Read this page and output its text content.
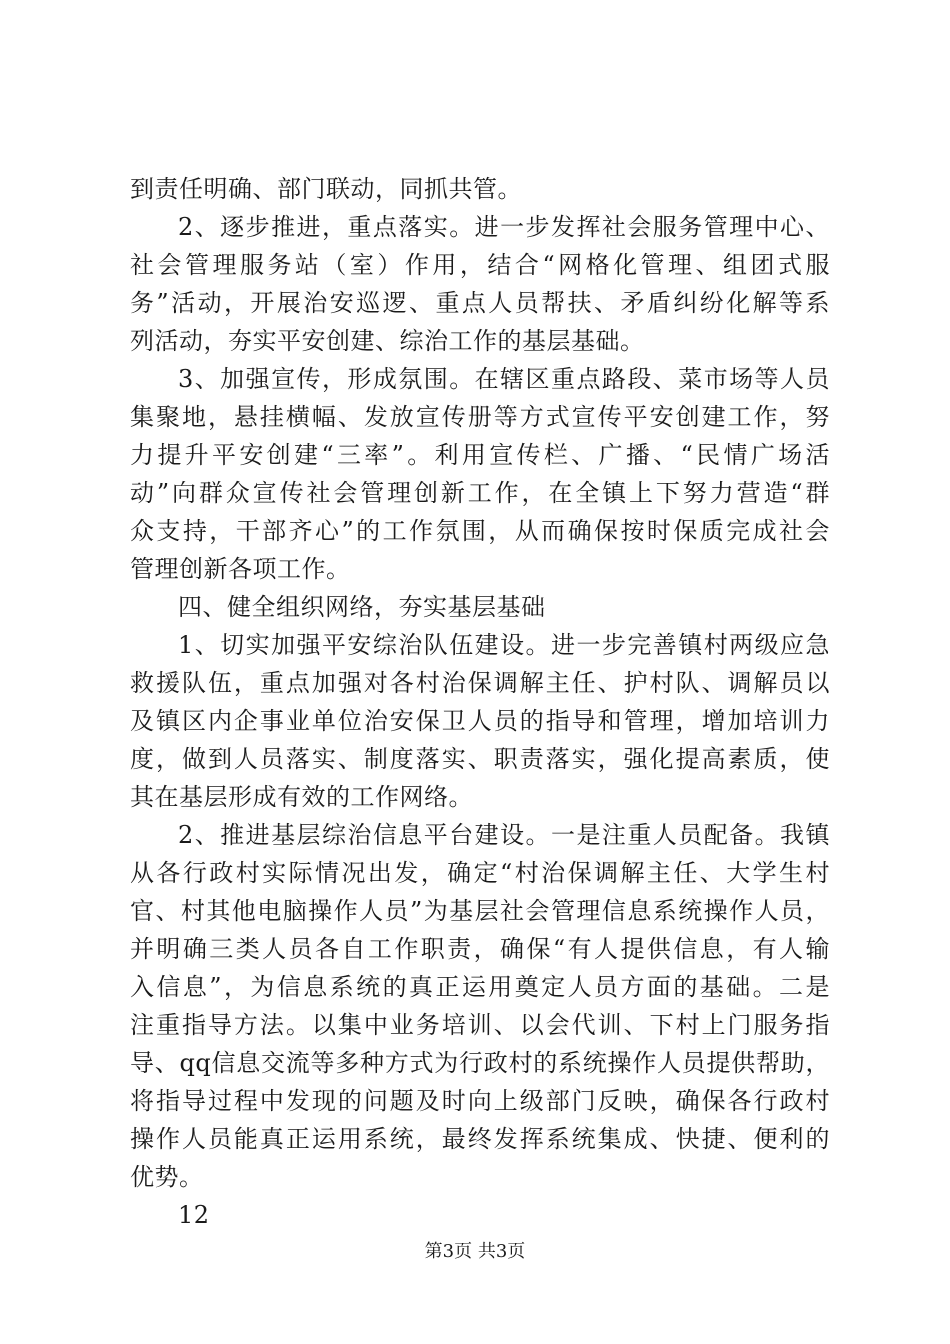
到责任明确、部门联动，同抓共管。
2、逐步推进，重点落实。进一步发挥社会服务管理中心、
社会管理服务站（室）作用，结合“网格化管理、组团式服
务”活动，开展治安巡逻、重点人员帮扶、矛盾纠纷化解等系
列活动，夯实平安创建、综治工作的基层基础。
3、加强宣传，形成氛围。在辖区重点路段、菜市场等人员
集聚地，悬挂横幅、发放宣传册等方式宣传平安创建工作，努
力提升平安创建“三率”。利用宣传栏、广播、“民情广场活
动”向群众宣传社会管理创新工作，在全镇上下努力营造“群
众支持，干部齐心”的工作氛围，从而确保按时保质完成社会
管理创新各项工作。
四、健全组织网络，夯实基层基础
1、切实加强平安综治队伍建设。进一步完善镇村两级应急
救援队伍，重点加强对各村治保调解主任、护村队、调解员以
及镇区内企事业单位治安保卫人员的指导和管理，增加培训力
度，做到人员落实、制度落实、职责落实，强化提高素质，使
其在基层形成有效的工作网络。
2、推进基层综治信息平台建设。一是注重人员配备。我镇
从各行政村实际情况出发，确定“村治保调解主任、大学生村
官、村其他电脑操作人员”为基层社会管理信息系统操作人员，
并明确三类人员各自工作职责，确保“有人提供信息，有人输
入信息”，为信息系统的真正运用奠定人员方面的基础。二是
注重指导方法。以集中业务培训、以会代训、下村上门服务指
导、qq信息交流等多种方式为行政村的系统操作人员提供帮助，
将指导过程中发现的问题及时向上级部门反映，确保各行政村
操作人员能真正运用系统，最终发挥系统集成、快捷、便利的
优势。
12
第3页 共3页
